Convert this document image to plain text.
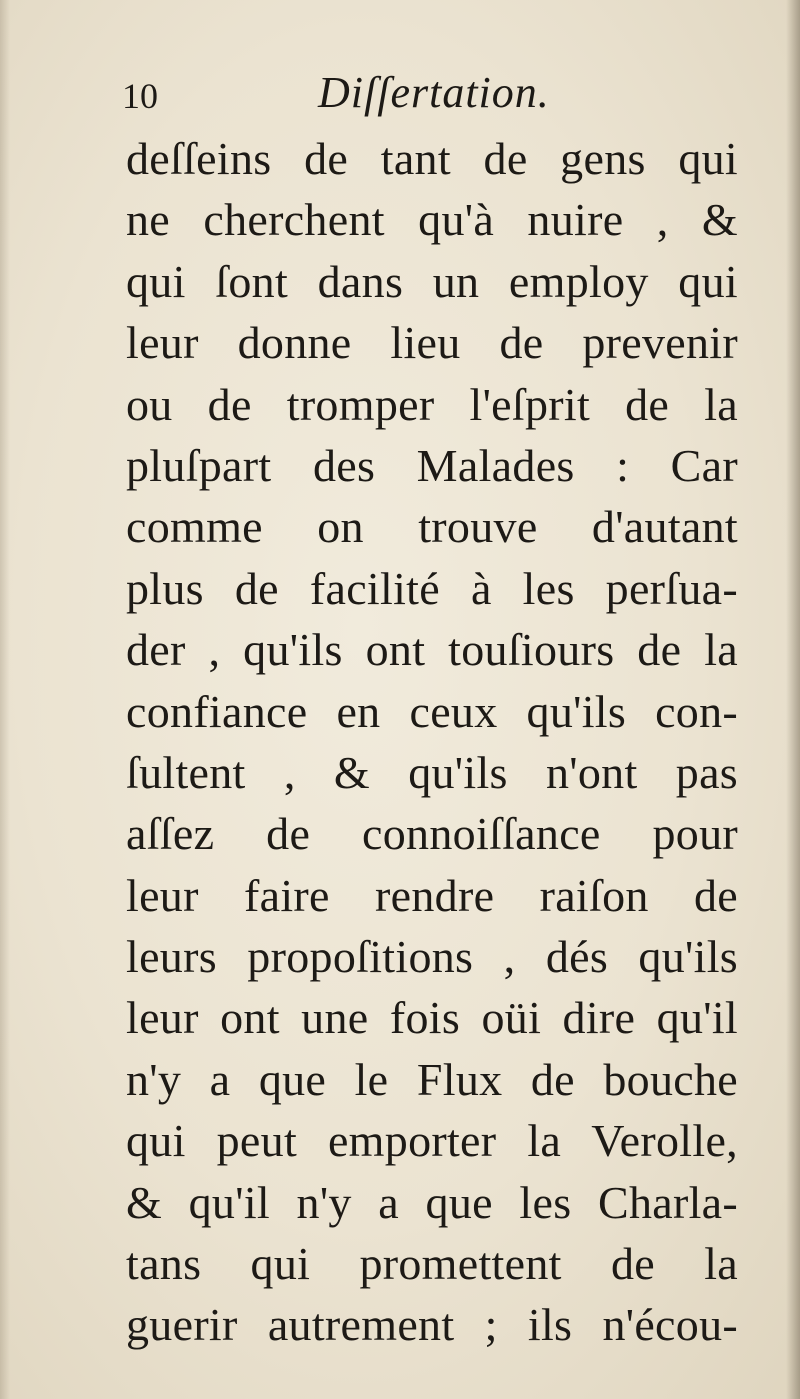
10	Diſſertation.
deſſeins de tant de gens qui
ne cherchent qu'à nuire , &
qui ſont dans un employ qui
leur donne lieu de prevenir
ou de tromper l'eſprit de la
pluſpart des Malades : Car
comme on trouve d'autant
plus de facilité à les perſua-
der , qu'ils ont touſiours de la
confiance en ceux qu'ils con-
ſultent , & qu'ils n'ont pas
aſſez de connoiſſance pour
leur faire rendre raiſon de
leurs propoſitions , dés qu'ils
leur ont une fois oüi dire qu'il
n'y a que le Flux de bouche
qui peut emporter la Verolle,
& qu'il n'y a que les Charla-
tans qui promettent de la
guerir autrement ; ils n'écou-
